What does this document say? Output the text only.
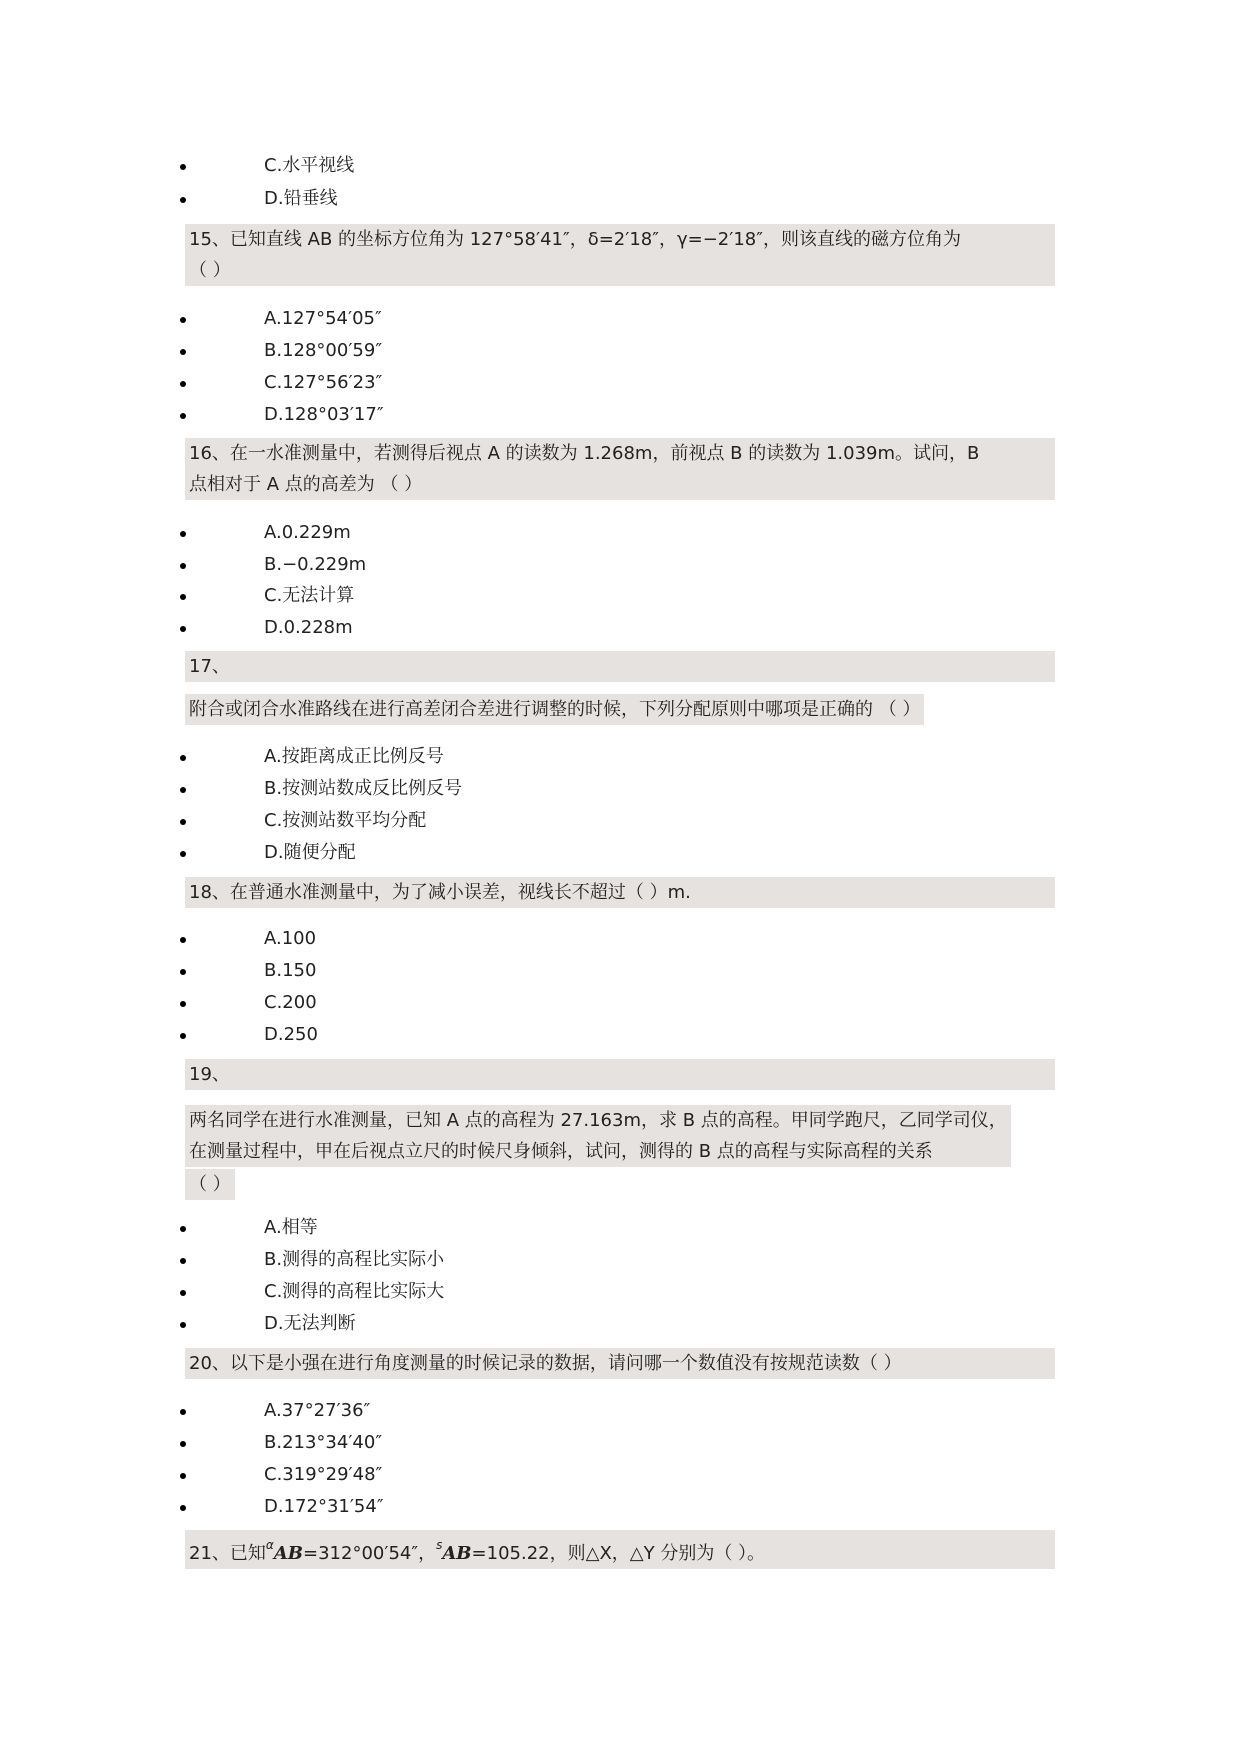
C.水平视线
D.铅垂线
15、已知直线 AB 的坐标方位角为 127°58′41″，δ=2′18″，γ=−2′18″，则该直线的磁方位角为
（ ）
A.127°54′05″
B.128°00′59″
C.127°56′23″
D.128°03′17″
16、在一水准测量中，若测得后视点 A 的读数为 1.268m，前视点 B 的读数为 1.039m。试问，B
点相对于 A 点的高差为 （ ）
A.0.229m
B.−0.229m
C.无法计算
D.0.228m
17、
附合或闭合水准路线在进行高差闭合差进行调整的时候，下列分配原则中哪项是正确的 （ ）
A.按距离成正比例反号
B.按测站数成反比例反号
C.按测站数平均分配
D.随便分配
18、在普通水准测量中，为了减小误差，视线长不超过（ ）m.
A.100
B.150
C.200
D.250
19、
两名同学在进行水准测量，已知 A 点的高程为 27.163m，求 B 点的高程。甲同学跑尺，乙同学司仪，
在测量过程中，甲在后视点立尺的时候尺身倾斜，试问，测得的 B 点的高程与实际高程的关系
（ ）
A.相等
B.测得的高程比实际小
C.测得的高程比实际大
D.无法判断
20、以下是小强在进行角度测量的时候记录的数据，请问哪一个数值没有按规范读数（ ）
A.37°27′36″
B.213°34′40″
C.319°29′48″
D.172°31′54″
21、已知$^\alpha$AB=312°00′54″，$^s$AB=105.22，则△X，△Y 分别为（ ）。
